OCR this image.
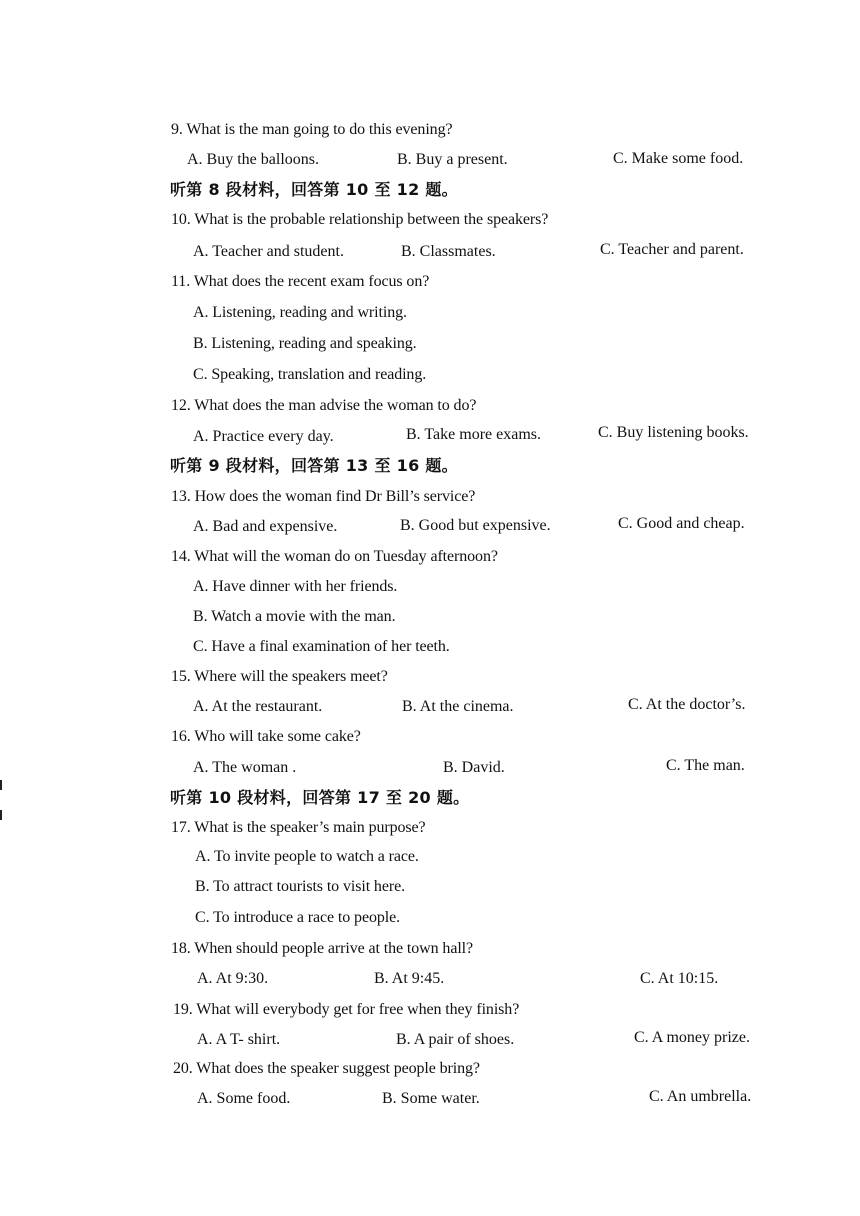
9. What is the man going to do this evening?
A. Buy the balloons.	B. Buy a present.	C. Make some food.
听第 8 段材料，回答第 10 至 12 题。
10. What is the probable relationship between the speakers?
A. Teacher and student.	B. Classmates.	C. Teacher and parent.
11. What does the recent exam focus on?
A. Listening, reading and writing.
B. Listening, reading and speaking.
C. Speaking, translation and reading.
12. What does the man advise the woman to do?
A. Practice every day.	B. Take more exams.	C. Buy listening books.
听第 9 段材料，回答第 13 至 16 题。
13. How does the woman find Dr Bill’s service?
A. Bad and expensive.	B. Good but expensive.	C. Good and cheap.
14. What will the woman do on Tuesday afternoon?
A. Have dinner with her friends.
B. Watch a movie with the man.
C. Have a final examination of her teeth.
15. Where will the speakers meet?
A. At the restaurant.	B. At the cinema.	C. At the doctor’s.
16. Who will take some cake?
A. The woman .	B. David.	C. The man.
听第 10 段材料，回答第 17 至 20 题。
17. What is the speaker’s main purpose?
A. To invite people to watch a race.
B. To attract tourists to visit here.
C. To introduce a race to people.
18. When should people arrive at the town hall?
A. At 9:30.	B. At 9:45.	C. At 10:15.
19. What will everybody get for free when they finish?
A. A T- shirt.	B. A pair of shoes.	C. A money prize.
20. What does the speaker suggest people bring?
A. Some food.	B. Some water.	C. An umbrella.
